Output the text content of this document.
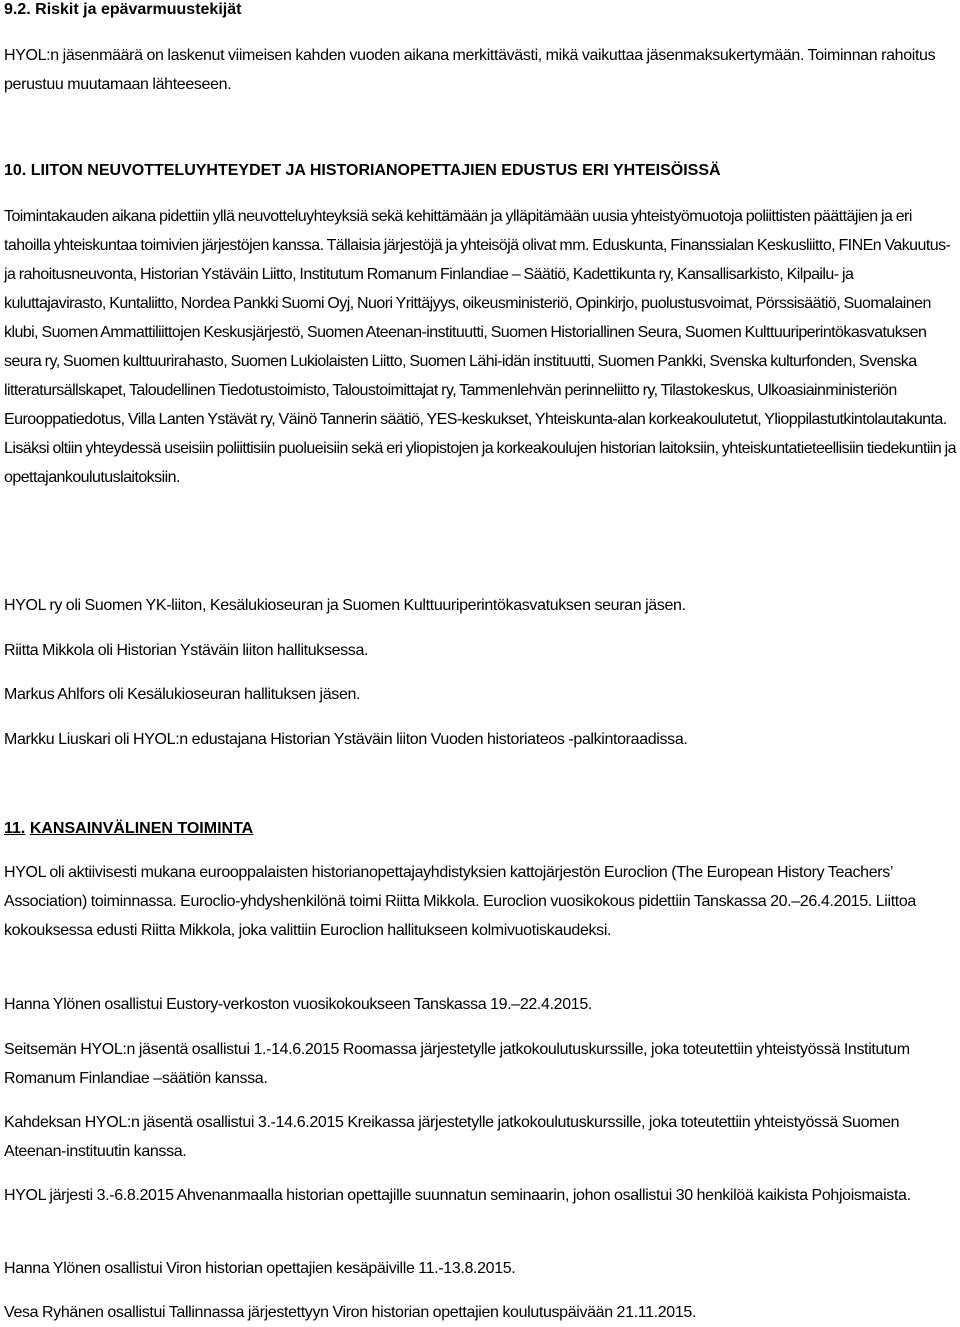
9.2. Riskit ja epävarmuustekijät

HYOL:n jäsenmäärä on laskenut viimeisen kahden vuoden aikana merkittävästi, mikä vaikuttaa jäsenmaksukertymään. Toiminnan rahoitus perustuu muutamaan lähteeseen.

10. LIITON NEUVOTTELUYHTEYDET JA HISTORIANOPETTAJIEN EDUSTUS ERI YHTEISÖISSÄ

Toimintakauden aikana pidettiin yllä neuvotteluyhteyksiä sekä kehittämään ja ylläpitämään uusia yhteistyömuotoja poliittisten päättäjien ja eri tahoilla yhteiskuntaa toimivien järjestöjen kanssa. Tällaisia järjestöjä ja yhteisöjä olivat mm. Eduskunta, Finanssialan Keskusliitto, FINEn Vakuutus- ja rahoitusneuvonta, Historian Ystäväin Liitto, Institutum Romanum Finlandiae – Säätiö, Kadettikunta ry, Kansallisarkisto, Kilpailu- ja kuluttajavirasto, Kuntaliitto, Nordea Pankki Suomi Oyj, Nuori Yrittäjyys, oikeusministeriö, Opinkirjo, puolustusvoimat, Pörssisäätiö, Suomalainen klubi, Suomen Ammattiliittojen Keskusjärjestö, Suomen Ateenan-instituutti, Suomen Historiallinen Seura, Suomen Kulttuuriperintökasvatuksen seura ry, Suomen kulttuurirahasto, Suomen Lukiolaisten Liitto, Suomen Lähi-idän instituutti, Suomen Pankki, Svenska kulturfonden, Svenska litteratursällskapet, Taloudellinen Tiedotustoimisto, Taloustoimittajat ry, Tammenlehvän perinneliitto ry, Tilastokeskus, Ulkoasiainministeriön Eurooppatiedotus, Villa Lanten Ystävät ry, Väinö Tannerin säätiö, YES-keskukset, Yhteiskunta-alan korkeakoulutetut, Ylioppilastutkintolautakunta. Lisäksi oltiin yhteydessä useisiin poliittisiin puolueisiin sekä eri yliopistojen ja korkeakoulujen historian laitoksiin, yhteiskuntatieteellisiin tiedekuntiin ja opettajankoulutuslaitoksiin.

HYOL ry oli Suomen YK-liiton, Kesälukioseuran ja Suomen Kulttuuriperintökasvatuksen seuran jäsen.

Riitta Mikkola oli Historian Ystäväin liiton hallituksessa.

Markus Ahlfors oli Kesälukioseuran hallituksen jäsen.

Markku Liuskari oli HYOL:n edustajana Historian Ystäväin liiton Vuoden historiateos -palkintoraadissa.

11. KANSAINVÄLINEN TOIMINTA

HYOL oli aktiivisesti mukana eurooppalaisten historianopettajayhdistyksien kattojärjestön Euroclion (The European History Teachers’ Association) toiminnassa. Euroclio-yhdyshenkilönä toimi Riitta Mikkola. Euroclion vuosikokous pidettiin Tanskassa 20.–26.4.2015. Liittoa kokouksessa edusti Riitta Mikkola, joka valittiin Euroclion hallitukseen kolmivuotiskaudeksi.

Hanna Ylönen osallistui Eustory-verkoston vuosikokoukseen Tanskassa 19.–22.4.2015.

Seitsemän HYOL:n jäsentä osallistui 1.-14.6.2015 Roomassa järjestetylle jatkokoulutuskurssille, joka toteutettiin yhteistyössä Institutum Romanum Finlandiae –säätiön kanssa.

Kahdeksan HYOL:n jäsentä osallistui 3.-14.6.2015 Kreikassa järjestetylle jatkokoulutuskurssille, joka toteutettiin yhteistyössä Suomen Ateenan-instituutin kanssa.

HYOL järjesti 3.-6.8.2015 Ahvenanmaalla historian opettajille suunnatun seminaarin, johon osallistui 30 henkilöä kaikista Pohjoismaista.

Hanna Ylönen osallistui Viron historian opettajien kesäpäiville 11.-13.8.2015.

Vesa Ryhänen osallistui Tallinnassa järjestettyyn Viron historian opettajien koulutuspäivään 21.11.2015.
